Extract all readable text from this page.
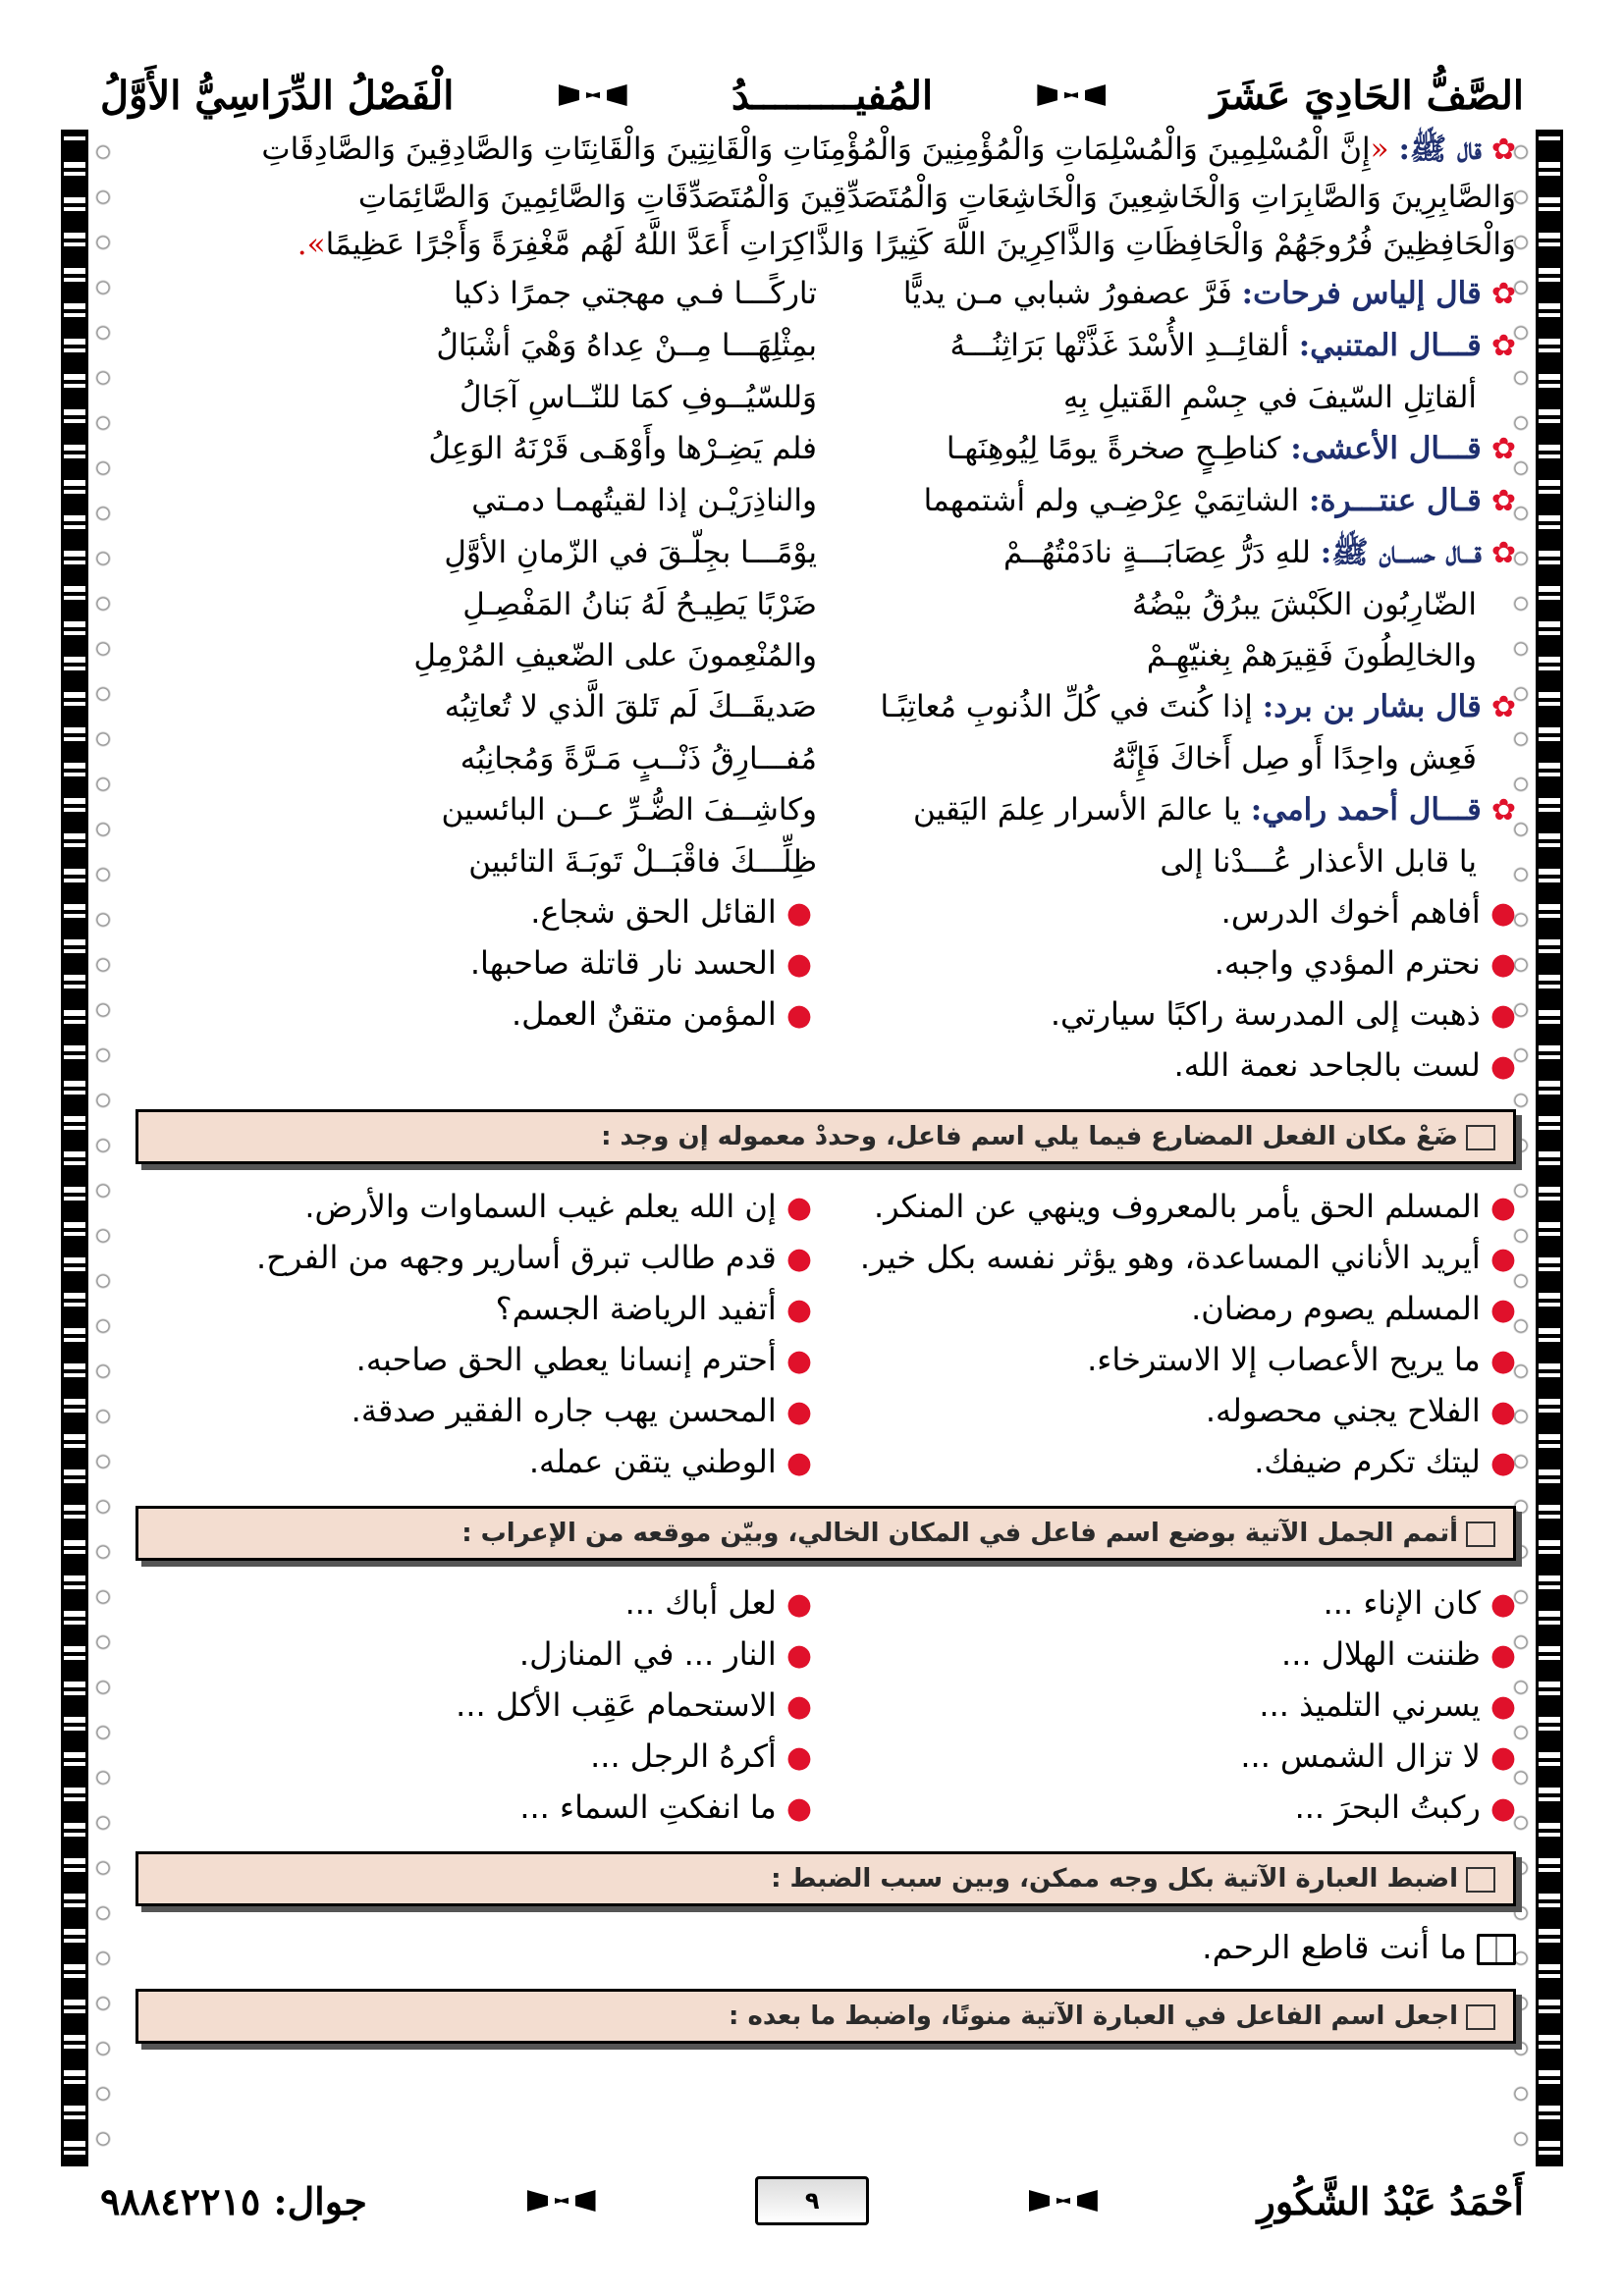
الصَّفُّ الحَادِيَ عَشَرَ
المُفيـــــــــدُ
الْفَصْلُ الدِّرَاسِيُّ الأَوَّلُ
أَحْمَدُ عَبْدُ الشَّكُورِ
٩
جوال: ٩٨٨٤٢٢١٥
✿قال ﷺ: «إِنَّ الْمُسْلِمِينَ وَالْمُسْلِمَاتِ وَالْمُؤْمِنِينَ وَالْمُؤْمِنَاتِ وَالْقَانِتِينَ وَالْقَانِتَاتِ وَالصَّادِقِينَ وَالصَّادِقَاتِ
وَالصَّابِرِينَ وَالصَّابِرَاتِ وَالْخَاشِعِينَ وَالْخَاشِعَاتِ وَالْمُتَصَدِّقِينَ وَالْمُتَصَدِّقَاتِ وَالصَّائِمِينَ وَالصَّائِمَاتِ
وَالْحَافِظِينَ فُرُوجَهُمْ وَالْحَافِظَاتِ وَالذَّاكِرِينَ اللَّهَ كَثِيرًا وَالذَّاكِرَاتِ أَعَدَّ اللَّهُ لَهُم مَّغْفِرَةً وَأَجْرًا عَظِيمًا».
✿قال إلياس فرحات: فَرَّ عصفورُ شبابي مـن يديًّا
تاركًـــا فـي مهجتي جمرًا ذكيا
✿قـــال المتنبي: ألقائِــدِ الأُسْدَ غَذَّتْها بَرَاثِنُـــهُ
بمِثْلِهَـــا مِــنْ عِداهُ وَهْيَ أشْبَالُ
ألقاتِلِ السّيفَ في جِسْمِ القَتيلِ بِهِ
وَللسّيُــوفِ كمَا للنّــاسِ آجَالُ
✿قـــال الأعشى: كناطِـحٍ صخرةً يومًا لِيُوهِنَهـا
فلم يَضِـرْها وأَوْهَـى قَرْنَهُ الوَعِلُ
✿قـال عنتـــرة: الشاتِمَيْ عِرْضِـي ولم أشتمهما
والناذِرَيْـن إذا لقيتُهمـا دمـتي
✿قـــال حســـان ﷺ: للهِ دَرُّ عِصَابَـــةٍ نادَمْتُهُــمْ
يوْمًـــا بجِلّـقَ في الزّمانِ الأوَّلِ
الضّارِبُون الكَبْشَ يبرُقُ بيْضُهُ
ضَرْبًا يَطِيـحُ لَهُ بَنانُ المَفْصِـلِ
والخالِطُونَ فَقِيرَهمْ بِغنيّهِـمْ
والمُنْعِمونَ على الضّعيفِ المُرْمِلِ
✿قال بشار بن برد: إذا كُنتَ في كُلِّ الذُنوبِ مُعاتِبًـا
صَديقَــكَ لَم تَلقَ الَّذي لا تُعاتِبُه
فَعِش واحِدًا أَو صِل أَخاكَ فَإِنَّهُ
مُفـــارِقُ ذَنْــبٍ مَـرَّةً وَمُجانِبُه
✿قـــال أحمد رامي: يا عالمَ الأسرار عِلمَ اليَقين
وكاشِــفَ الضُّـرِّ عــن البائسين
يا قابل الأعذار عُـــدْنا إلى
ظِلِّـــكَ فاقْبَــلْ تَوبَـةَ التائبين
●أفاهم أخوك الدرس.
●نحترم المؤدي واجبه.
●ذهبت إلى المدرسة راكبًا سيارتي.
●لست بالجاحد نعمة الله.
●القائل الحق شجاع.
●الحسد نار قاتلة صاحبها.
●المؤمن متقنٌ العمل.
ضَعْ مكان الفعل المضارع فيما يلي اسم فاعل، وحددْ معموله إن وجد :
●المسلم الحق يأمر بالمعروف وينهي عن المنكر.
●أيريد الأناني المساعدة، وهو يؤثر نفسه بكل خير.
●المسلم يصوم رمضان.
●ما يريح الأعصاب إلا الاسترخاء.
●الفلاح يجني محصوله.
●ليتك تكرم ضيفك.
●إن الله يعلم غيب السماوات والأرض.
●قدم طالب تبرق أسارير وجهه من الفرح.
●أتفيد الرياضة الجسم؟
●أحترم إنسانا يعطي الحق صاحبه.
●المحسن يهب جاره الفقير صدقة.
●الوطني يتقن عمله.
أتمم الجمل الآتية بوضع اسم فاعل في المكان الخالي، وبيّن موقعه من الإعراب :
●كان الإناء ...
●ظننت الهلال ...
●يسرني التلميذ ...
●لا تزال الشمس ...
●ركبتُ البحرَ ...
●لعل أباك ...
●النار ... في المنازل.
●الاستحمام عَقِب الأكل ...
●أكرهُ الرجل ...
●ما انفكتِ السماء ...
اضبط العبارة الآتية بكل وجه ممكن، وبين سبب الضبط :
ما أنت قاطع الرحم.
اجعل اسم الفاعل في العبارة الآتية منونًا، واضبط ما بعده :
